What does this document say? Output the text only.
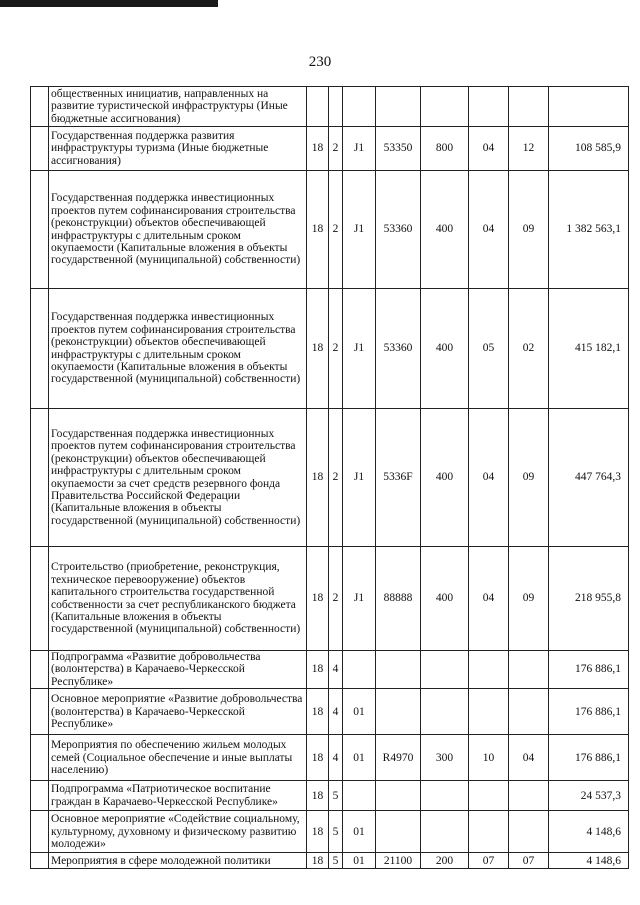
230
	общественных инициатив, направленных на развитие туристической инфраструктуры (Иные бюджетные ассигнования)								
	Государственная поддержка развития инфраструктуры туризма (Иные бюджетные ассигнования)	18	2	J1	53350	800	04	12	108 585,9
	Государственная поддержка инвестиционных проектов путем софинансирования строительства (реконструкции) объектов обеспечивающей инфраструктуры с длительным сроком окупаемости (Капитальные вложения в объекты государственной (муниципальной) собственности)	18	2	J1	53360	400	04	09	1 382 563,1
	Государственная поддержка инвестиционных проектов путем софинансирования строительства (реконструкции) объектов обеспечивающей инфраструктуры с длительным сроком окупаемости (Капитальные вложения в объекты государственной (муниципальной) собственности)	18	2	J1	53360	400	05	02	415 182,1
	Государственная поддержка инвестиционных проектов путем софинансирования строительства (реконструкции) объектов обеспечивающей инфраструктуры с длительным сроком окупаемости за счет средств резервного фонда Правительства Российской Федерации (Капитальные вложения в объекты государственной (муниципальной) собственности)	18	2	J1	5336F	400	04	09	447 764,3
	Строительство (приобретение, реконструкция, техническое перевооружение) объектов капитального строительства государственной собственности за счет республиканского бюджета (Капитальные вложения в объекты государственной (муниципальной) собственности)	18	2	J1	88888	400	04	09	218 955,8
	Подпрограмма «Развитие добровольчества (волонтерства) в Карачаево-Черкесской Республике»	18	4						176 886,1
	Основное мероприятие «Развитие добровольчества (волонтерства) в Карачаево-Черкесской Республике»	18	4	01					176 886,1
	Мероприятия по обеспечению жильем молодых семей (Социальное обеспечение и иные выплаты населению)	18	4	01	R4970	300	10	04	176 886,1
	Подпрограмма «Патриотическое воспитание граждан в Карачаево-Черкесской Республике»	18	5						24 537,3
	Основное мероприятие «Содействие социальному, культурному, духовному и физическому развитию молодежи»	18	5	01					4 148,6
	Мероприятия в сфере молодежной политики	18	5	01	21100	200	07	07	4 148,6
